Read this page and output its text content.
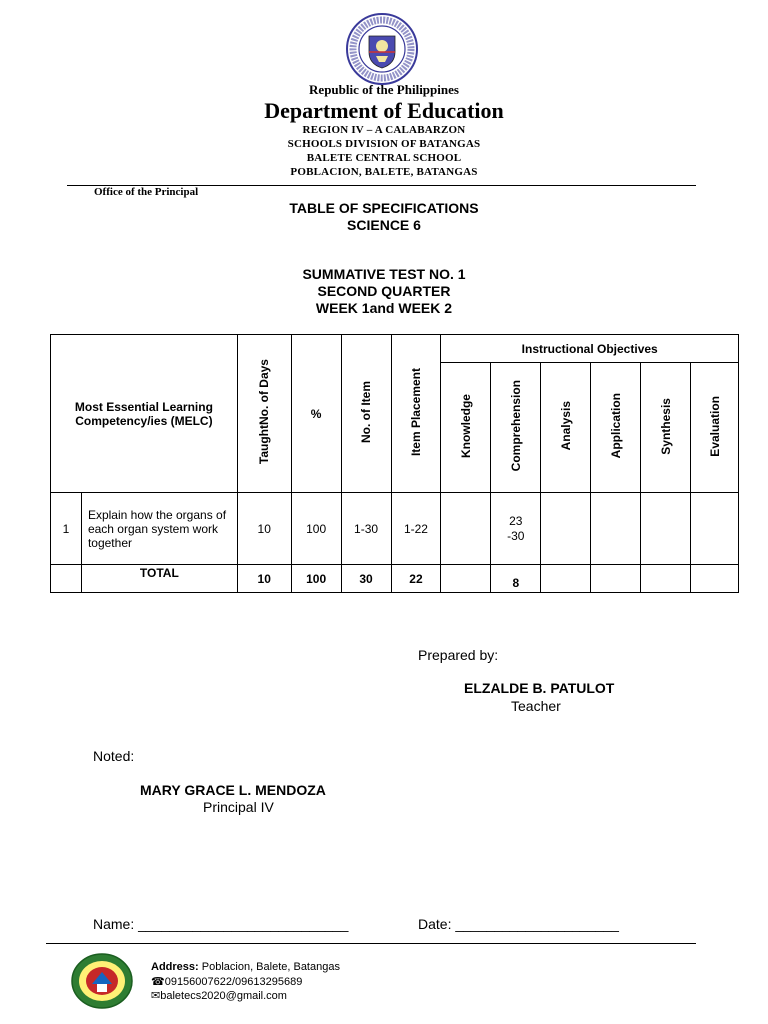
Republic of the Philippines
Department of Education
REGION IV – A CALABARZON
SCHOOLS DIVISION OF BATANGAS
BALETE CENTRAL SCHOOL
POBLACION, BALETE, BATANGAS
Office of the Principal
TABLE OF SPECIFICATIONS
SCIENCE 6
SUMMATIVE TEST NO. 1
SECOND QUARTER
WEEK 1and WEEK 2
Most Essential Learning Competency/ies (MELC)		TaughtNo. of Days	%	No. of Item	Item Placement	Instructional Objectives					
						Knowledge	Comprehension	Analysis	Application	Synthesis	Evaluation
1	Explain how the organs of each organ system work together	10	100	1-30	1-22		23 -30				
	TOTAL	10	100	30	22		8				
Prepared by:
ELZALDE B. PATULOT
Teacher
Noted:
MARY GRACE L. MENDOZA
Principal IV
Name: ___________________________	Date: _____________________
Address: Poblacion, Balete, Batangas
☎09156007622/09613295689
✉baletecs2020@gmail.com
